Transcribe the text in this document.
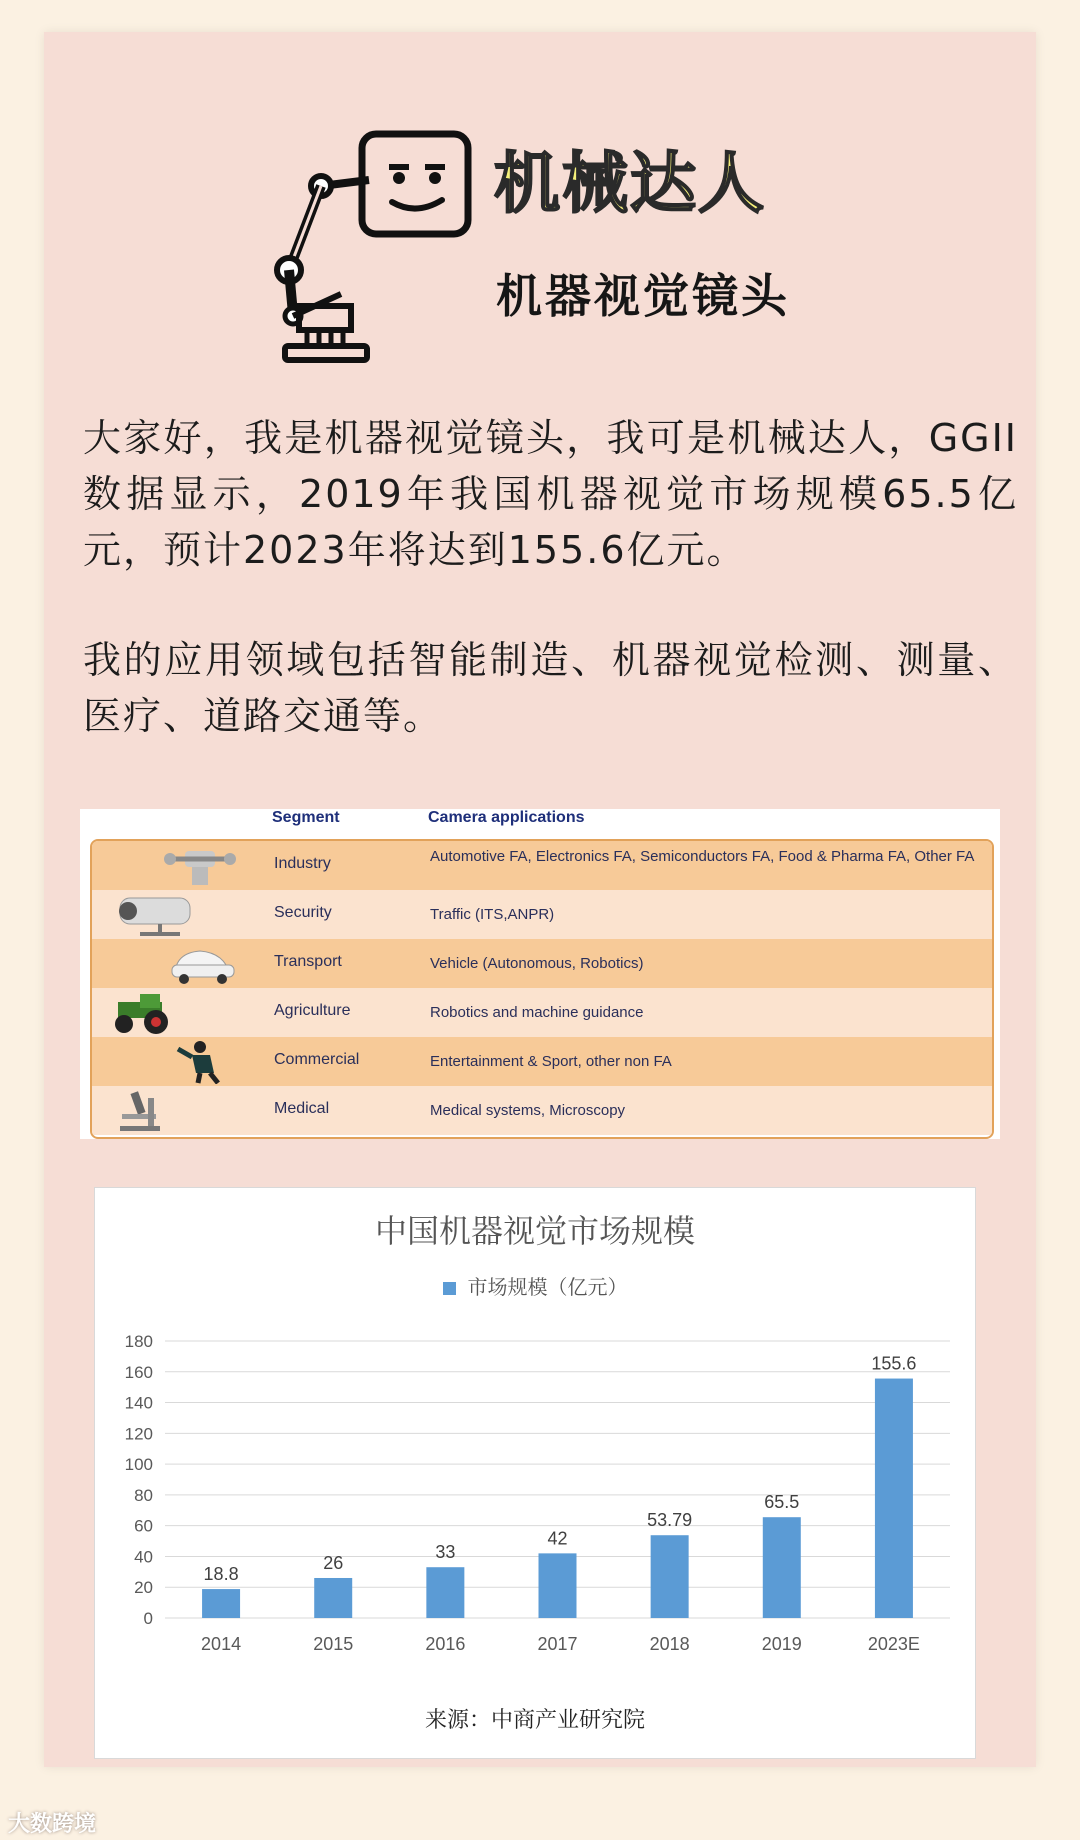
机械达人
机器视觉镜头
大家好，我是机器视觉镜头，我可是机械达人，GGII数据显示，2019年我国机器视觉市场规模65.5亿元，预计2023年将达到155.6亿元。
我的应用领域包括智能制造、机器视觉检测、测量、医疗、道路交通等。
Segment	Camera applications
Industry	Automotive FA, Electronics FA, Semiconductors FA, Food & Pharma FA, Other FA
Security	Traffic (ITS,ANPR)
Transport	Vehicle (Autonomous, Robotics)
Agriculture	Robotics and machine guidance
Commercial	Entertainment & Sport, other non FA
Medical	Medical systems, Microscopy
中国机器视觉市场规模
市场规模（亿元）
0
20
40
60
80
100
120
140
160
180
18.8
2014
26
2015
33
2016
42
2017
53.79
2018
65.5
2019
155.6
2023E
来源：中商产业研究院
大数跨境
